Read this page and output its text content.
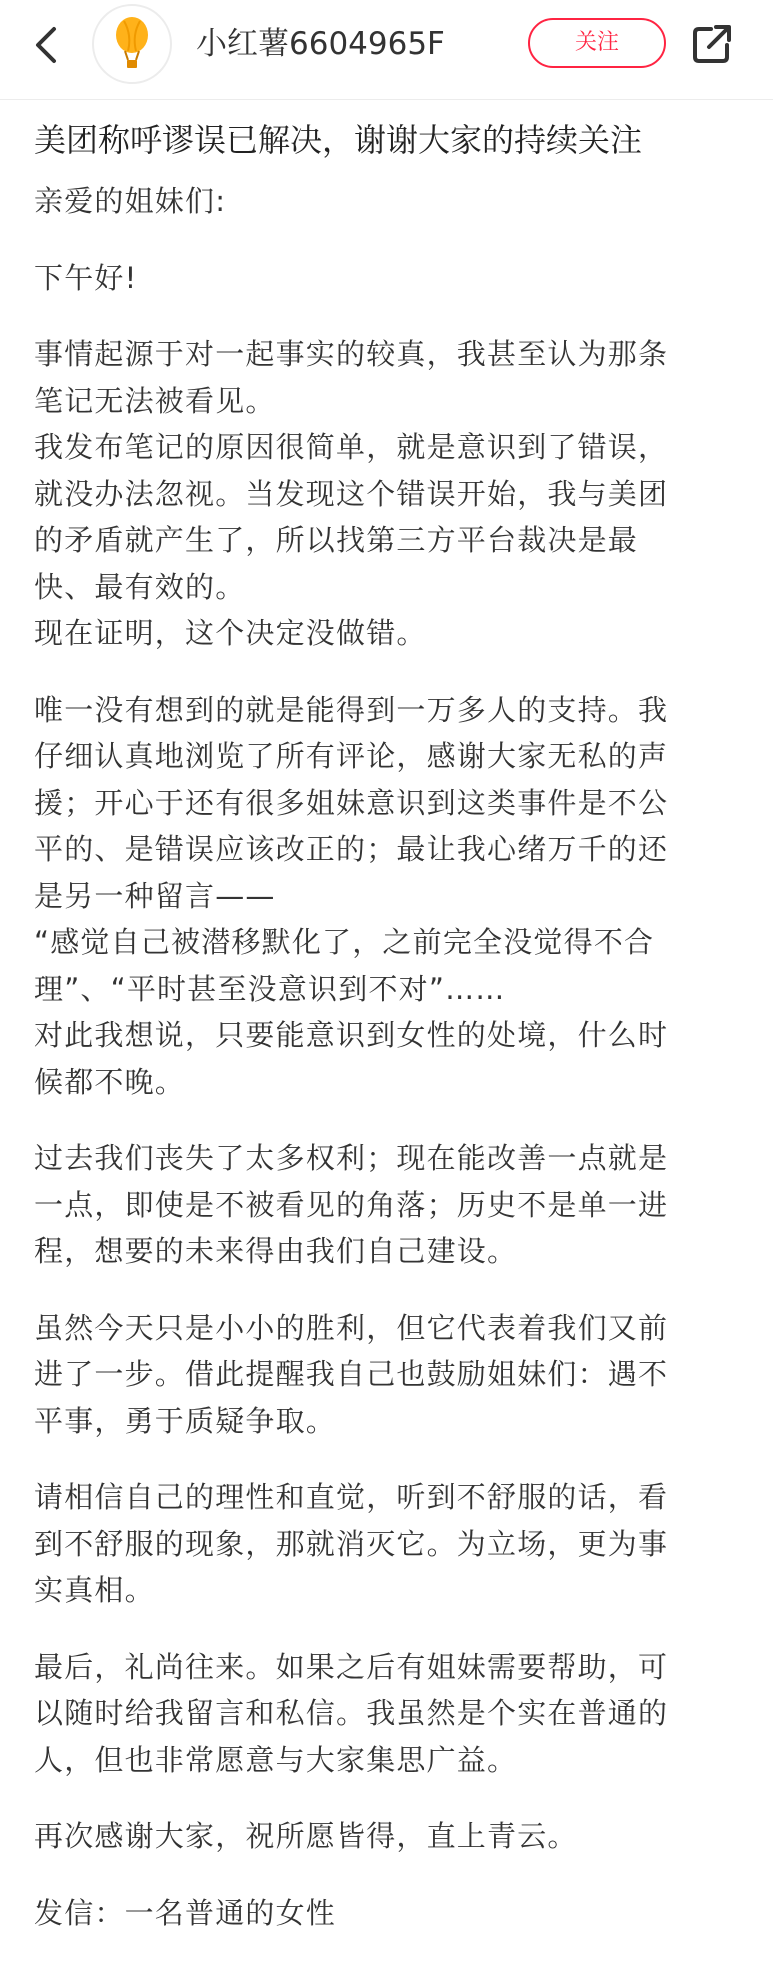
小红薯6604965F	关注
美团称呼谬误已解决，谢谢大家的持续关注
亲爱的姐妹们:
下午好!
事情起源于对一起事实的较真，我甚至认为那条
笔记无法被看见。
我发布笔记的原因很简单，就是意识到了错误，
就没办法忽视。当发现这个错误开始，我与美团
的矛盾就产生了，所以找第三方平台裁决是最
快、最有效的。
现在证明，这个决定没做错。
唯一没有想到的就是能得到一万多人的支持。我
仔细认真地浏览了所有评论，感谢大家无私的声
援；开心于还有很多姐妹意识到这类事件是不公
平的、是错误应该改正的；最让我心绪万千的还
是另一种留言——
“感觉自己被潜移默化了，之前完全没觉得不合
理”、“平时甚至没意识到不对”……
对此我想说，只要能意识到女性的处境，什么时
候都不晚。
过去我们丧失了太多权利；现在能改善一点就是
一点，即使是不被看见的角落；历史不是单一进
程，想要的未来得由我们自己建设。
虽然今天只是小小的胜利，但它代表着我们又前
进了一步。借此提醒我自己也鼓励姐妹们：遇不
平事，勇于质疑争取。
请相信自己的理性和直觉，听到不舒服的话，看
到不舒服的现象，那就消灭它。为立场，更为事
实真相。
最后，礼尚往来。如果之后有姐妹需要帮助，可
以随时给我留言和私信。我虽然是个实在普通的
人，但也非常愿意与大家集思广益。
再次感谢大家，祝所愿皆得，直上青云。
发信：一名普通的女性
